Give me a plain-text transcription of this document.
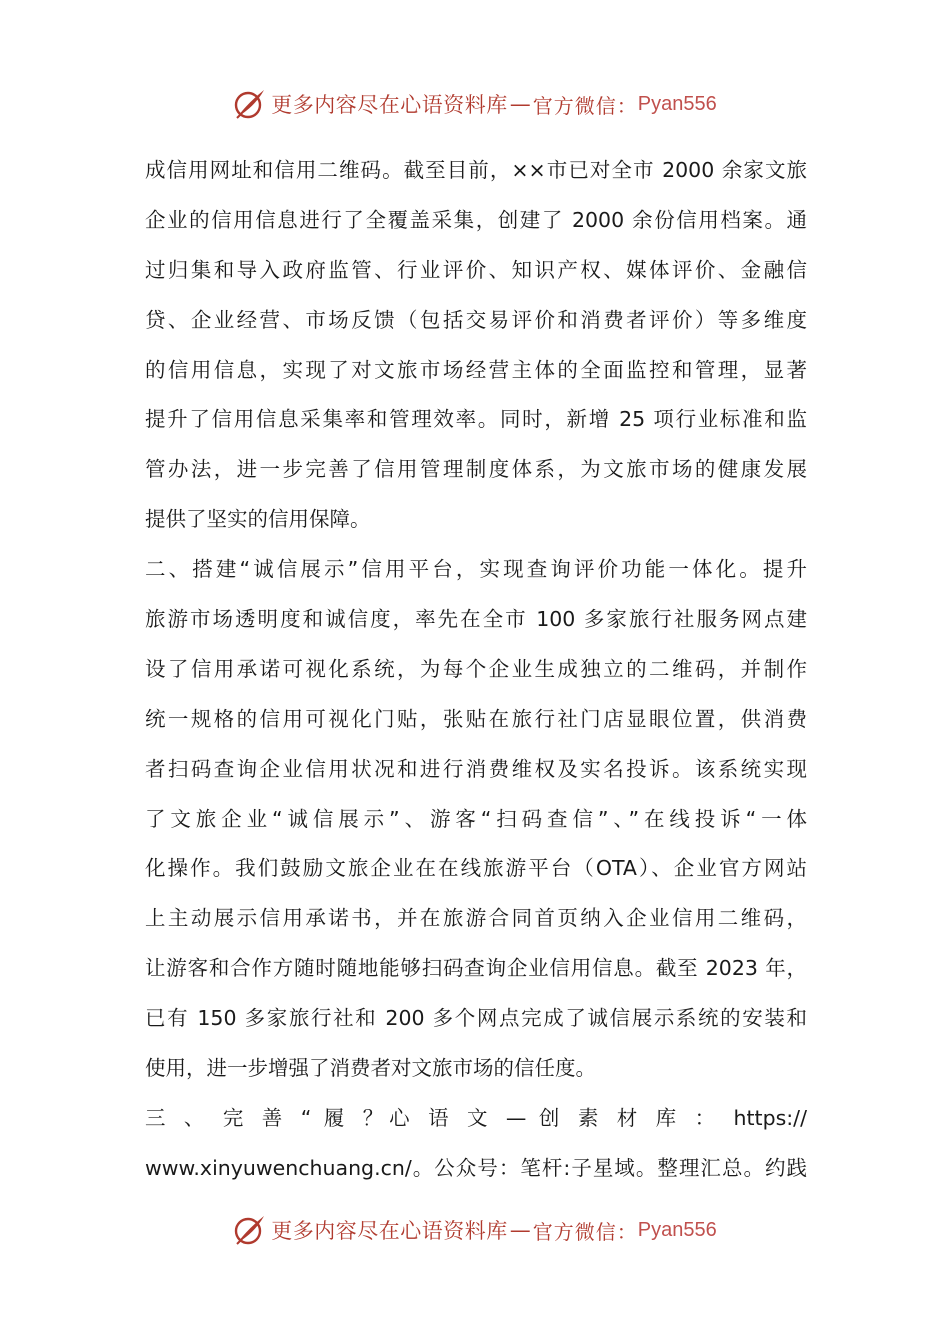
更多内容尽在心语资料库 — 官方微信： Pyan556
成信用网址和信用二维码。截至目前，××市已对全市 2000 余家文旅
企业的信用信息进行了全覆盖采集，创建了 2000 余份信用档案。通
过归集和导入政府监管、行业评价、知识产权、媒体评价、金融信
贷、企业经营、市场反馈（包括交易评价和消费者评价）等多维度
的信用信息，实现了对文旅市场经营主体的全面监控和管理，显著
提升了信用信息采集率和管理效率。同时，新增 25 项行业标准和监
管办法，进一步完善了信用管理制度体系，为文旅市场的健康发展
提供了坚实的信用保障。
二、搭建“诚信展示”信用平台，实现查询评价功能一体化。提升
旅游市场透明度和诚信度，率先在全市 100 多家旅行社服务网点建
设了信用承诺可视化系统，为每个企业生成独立的二维码，并制作
统一规格的信用可视化门贴，张贴在旅行社门店显眼位置，供消费
者扫码查询企业信用状况和进行消费维权及实名投诉。该系统实现
了文旅企业“诚信展示”、游客“扫码查信”、”在线投诉“一体
化操作。我们鼓励文旅企业在在线旅游平台（OTA）、企业官方网站
上主动展示信用承诺书，并在旅游合同首页纳入企业信用二维码，
让游客和合作方随时随地能够扫码查询企业信用信息。截至 2023 年，
已有 150 多家旅行社和 200 多个网点完成了诚信展示系统的安装和
使用，进一步增强了消费者对文旅市场的信任度。
三 、 完 善 “ 履 ？心 语 文 — 创 素 材 库 ： https://
www.xinyuwenchuang.cn/。公众号：笔杆:子星域。整理汇总。约践
更多内容尽在心语资料库 — 官方微信： Pyan556
